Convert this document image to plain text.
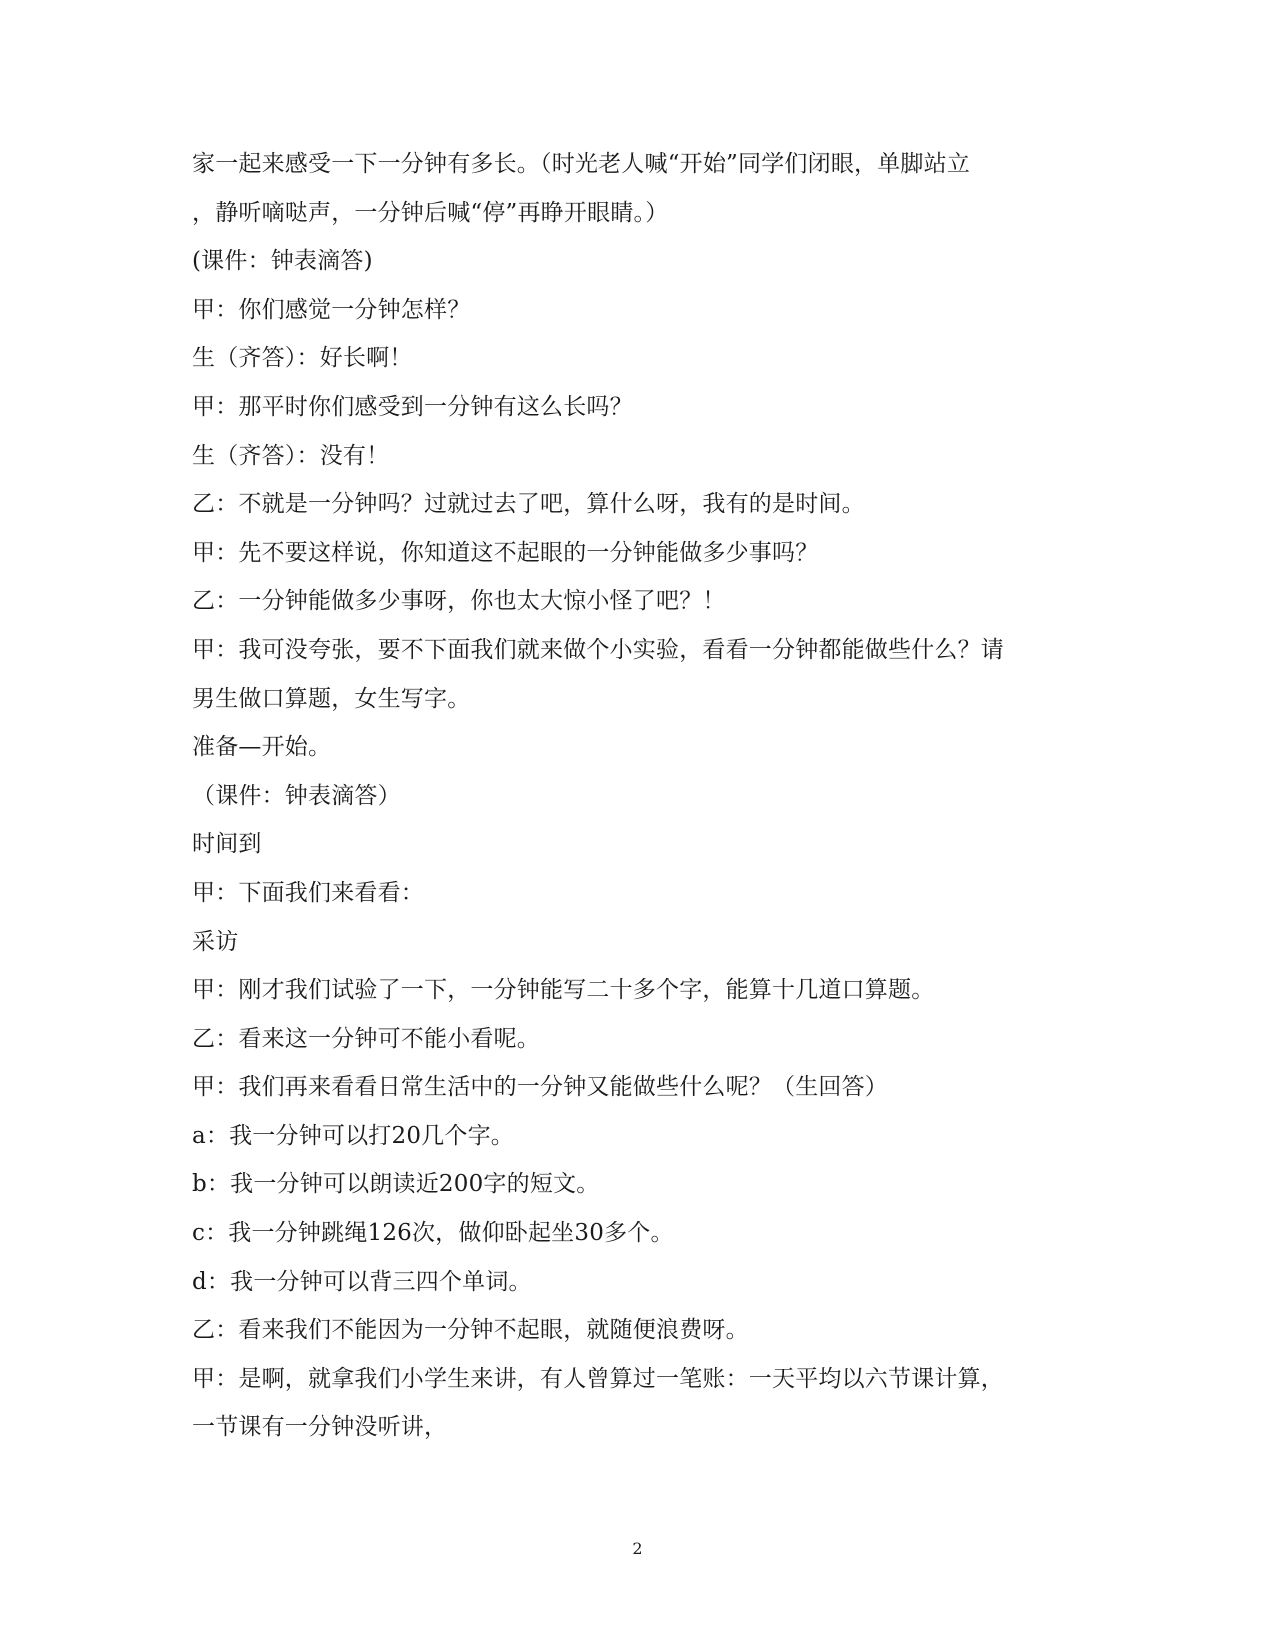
家一起来感受一下一分钟有多长。（时光老人喊“开始”同学们闭眼，单脚站立
，静听嘀哒声，一分钟后喊“停”再睁开眼睛。）
(课件：钟表滴答)
甲：你们感觉一分钟怎样？
生（齐答）：好长啊！
甲：那平时你们感受到一分钟有这么长吗？
生（齐答）：没有！
乙：不就是一分钟吗？过就过去了吧，算什么呀，我有的是时间。
甲：先不要这样说，你知道这不起眼的一分钟能做多少事吗？
乙：一分钟能做多少事呀，你也太大惊小怪了吧？！
甲：我可没夸张，要不下面我们就来做个小实验，看看一分钟都能做些什么？请
男生做口算题，女生写字。
准备—开始。
（课件：钟表滴答）
时间到
甲：下面我们来看看：
采访
甲：刚才我们试验了一下，一分钟能写二十多个字，能算十几道口算题。
乙：看来这一分钟可不能小看呢。
甲：我们再来看看日常生活中的一分钟又能做些什么呢？（生回答）
a：我一分钟可以打20几个字。
b：我一分钟可以朗读近200字的短文。
c：我一分钟跳绳126次，做仰卧起坐30多个。
d：我一分钟可以背三四个单词。
乙：看来我们不能因为一分钟不起眼，就随便浪费呀。
甲：是啊，就拿我们小学生来讲，有人曾算过一笔账：一天平均以六节课计算，
一节课有一分钟没听讲，
2
